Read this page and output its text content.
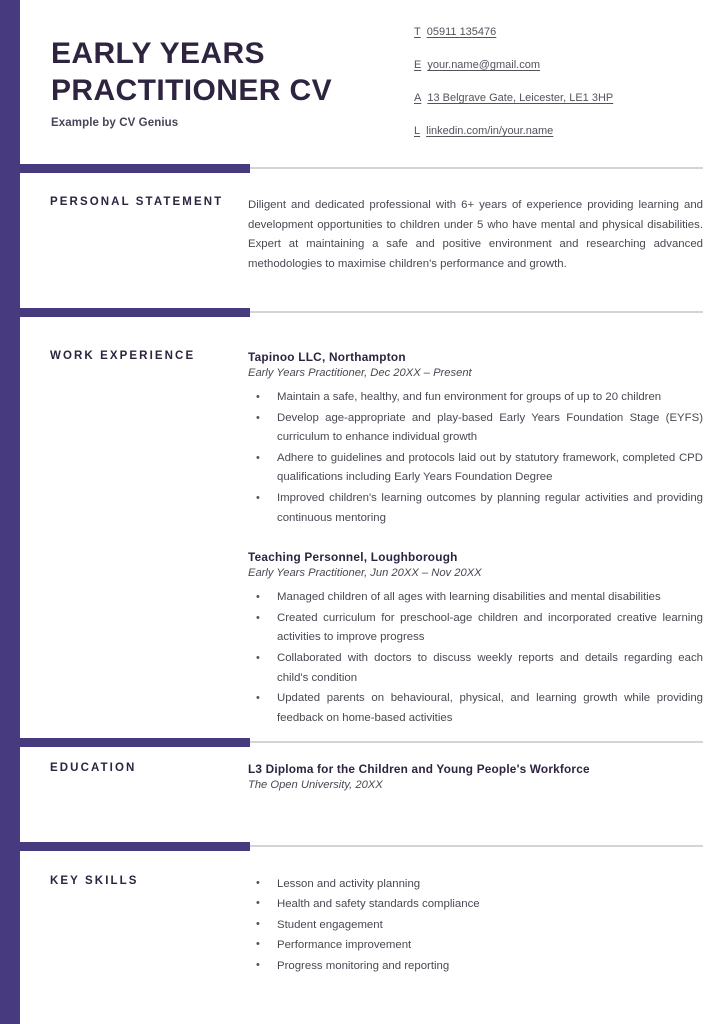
EARLY YEARS
PRACTITIONER CV

Example by CV Genius

T 05911 135476
E your.name@gmail.com
A 13 Belgrave Gate, Leicester, LE1 3HP
L linkedin.com/in/your.name
PERSONAL STATEMENT	Diligent and dedicated professional with 6+ years of experience providing learning and development opportunities to children under 5 who have mental and physical disabilities. Expert at maintaining a safe and positive environment and researching advanced methodologies to maximise children's performance and growth.

WORK EXPERIENCE	Tapinoo LLC, Northampton

Early Years Practitioner, Dec 20XX – Present

• Maintain a safe, healthy, and fun environment for groups of up to 20 children
• Develop age-appropriate and play-based Early Years Foundation Stage (EYFS) curriculum to enhance individual growth
• Adhere to guidelines and protocols laid out by statutory framework, completed CPD qualifications including Early Years Foundation Degree
• Improved children's learning outcomes by planning regular activities and providing continuous mentoring

Teaching Personnel, Loughborough

Early Years Practitioner, Jun 20XX – Nov 20XX

• Managed children of all ages with learning disabilities and mental disabilities
• Created curriculum for preschool-age children and incorporated creative learning activities to improve progress
• Collaborated with doctors to discuss weekly reports and details regarding each child's condition
• Updated parents on behavioural, physical, and learning growth while providing feedback on home-based activities
EDUCATION	L3 Diploma for the Children and Young People's Workforce

The Open University, 20XX

KEY SKILLS	• Lesson and activity planning
• Health and safety standards compliance
• Student engagement
• Performance improvement
• Progress monitoring and reporting
